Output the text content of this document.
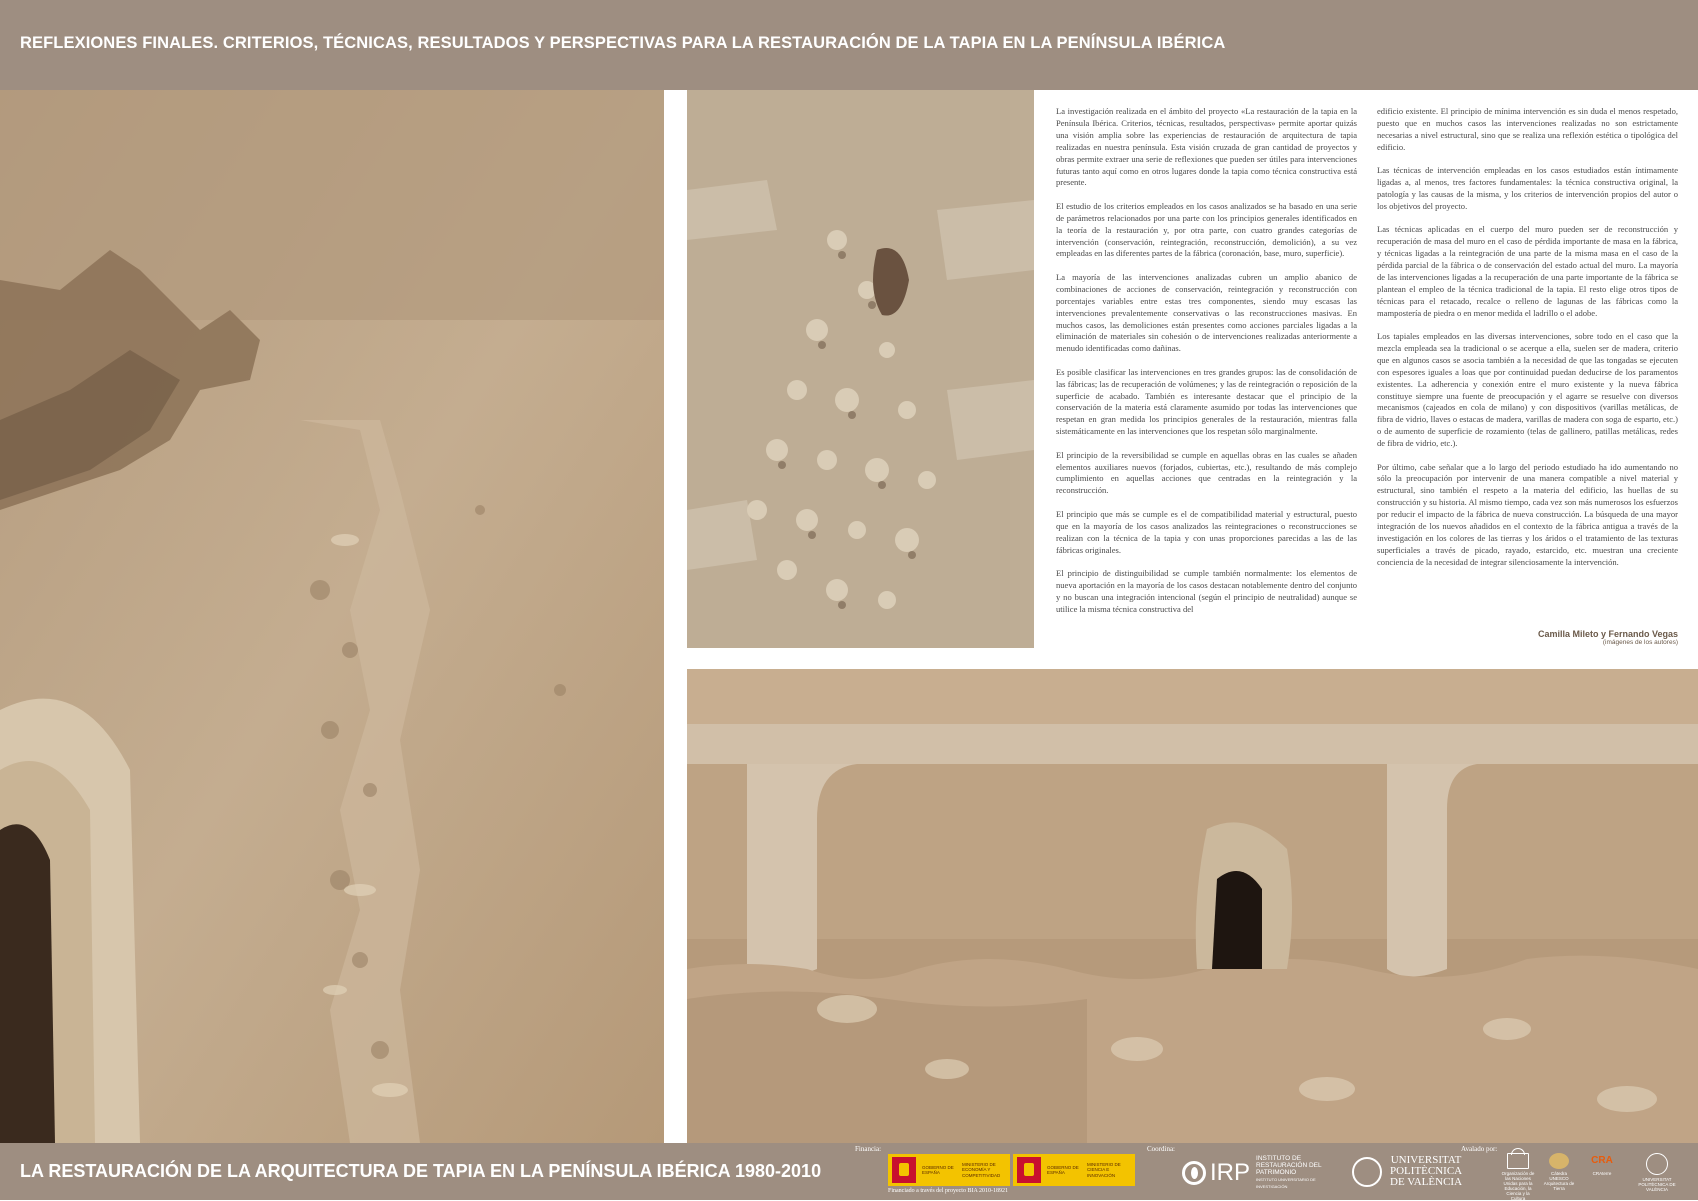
REFLEXIONES FINALES. CRITERIOS, TÉCNICAS, RESULTADOS Y PERSPECTIVAS PARA LA RESTAURACIÓN DE LA TAPIA EN LA PENÍNSULA IBÉRICA

La investigación realizada en el ámbito del proyecto «La restauración de la tapia en la Península Ibérica. Criterios, técnicas, resultados, perspectivas» permite aportar quizás una visión amplia sobre las experiencias de restauración de arquitectura de tapia realizadas en nuestra península. Esta visión cruzada de gran cantidad de proyectos y obras permite extraer una serie de reflexiones que pueden ser útiles para intervenciones futuras tanto aquí como en otros lugares donde la tapia como técnica constructiva está presente.

El estudio de los criterios empleados en los casos analizados se ha basado en una serie de parámetros relacionados por una parte con los principios generales identificados en la teoría de la restauración y, por otra parte, con cuatro grandes categorías de intervención (conservación, reintegración, reconstrucción, demolición), a su vez empleadas en las diferentes partes de la fábrica (coronación, base, muro, superficie).

La mayoría de las intervenciones analizadas cubren un amplio abanico de combinaciones de acciones de conservación, reintegración y reconstrucción con porcentajes variables entre estas tres componentes, siendo muy escasas las intervenciones prevalentemente conservativas o las reconstrucciones masivas. En muchos casos, las demoliciones están presentes como acciones parciales ligadas a la eliminación de materiales sin cohesión o de intervenciones realizadas anteriormente a menudo identificadas como dañinas.

Es posible clasificar las intervenciones en tres grandes grupos: las de consolidación de las fábricas; las de recuperación de volúmenes; y las de reintegración o reposición de la superficie de acabado. También es interesante destacar que el principio de la conservación de la materia está claramente asumido por todas las intervenciones que respetan en gran medida los principios generales de la restauración, mientras falla sistemáticamente en las intervenciones que los respetan sólo marginalmente.

El principio de la reversibilidad se cumple en aquellas obras en las cuales se añaden elementos auxiliares nuevos (forjados, cubiertas, etc.), resultando de más complejo cumplimiento en aquellas acciones que centradas en la reintegración y la reconstrucción.

El principio que más se cumple es el de compatibilidad material y estructural, puesto que en la mayoría de los casos analizados las reintegraciones o reconstrucciones se realizan con la técnica de la tapia y con unas proporciones parecidas a las de las fábricas originales.

El principio de distinguibilidad se cumple también normalmente: los elementos de nueva aportación en la mayoría de los casos destacan notablemente dentro del conjunto y no buscan una integración intencional (según el principio de neutralidad) aunque se utilice la misma técnica constructiva del

edificio existente. El principio de mínima intervención es sin duda el menos respetado, puesto que en muchos casos las intervenciones realizadas no son estrictamente necesarias a nivel estructural, sino que se realiza una reflexión estética o tipológica del edificio.

Las técnicas de intervención empleadas en los casos estudiados están íntimamente ligadas a, al menos, tres factores fundamentales: la técnica constructiva original, la patología y las causas de la misma, y los criterios de intervención propios del autor o los objetivos del proyecto.

Las técnicas aplicadas en el cuerpo del muro pueden ser de reconstrucción y recuperación de masa del muro en el caso de pérdida importante de masa en la fábrica, y técnicas ligadas a la reintegración de una parte de la misma masa en el caso de la pérdida parcial de la fábrica o de conservación del estado actual del muro. La mayoría de las intervenciones ligadas a la recuperación de una parte importante de la fábrica se plantean el empleo de la técnica tradicional de la tapia. El resto elige otros tipos de técnicas para el retacado, recalce o relleno de lagunas de las fábricas como la mampostería de piedra o en menor medida el ladrillo o el adobe.

Los tapiales empleados en las diversas intervenciones, sobre todo en el caso que la mezcla empleada sea la tradicional o se acerque a ella, suelen ser de madera, criterio que en algunos casos se asocia también a la necesidad de que las tongadas se ejecuten con espesores iguales a loas que por continuidad puedan deducirse de los paramentos existentes. La adherencia y conexión entre el muro existente y la nueva fábrica constituye siempre una fuente de preocupación y el agarre se resuelve con diversos mecanismos (cajeados en cola de milano) y con dispositivos (varillas metálicas, de fibra de vidrio, llaves o estacas de madera, varillas de madera con soga de esparto, etc.) o de aumento de superficie de rozamiento (telas de gallinero, patillas metálicas, redes de fibra de vidrio, etc.).

Por último, cabe señalar que a lo largo del periodo estudiado ha ido aumentando no sólo la preocupación por intervenir de una manera compatible a nivel material y estructural, sino también el respeto a la materia del edificio, las huellas de su construcción y su historia. Al mismo tiempo, cada vez son más numerosos los esfuerzos por reducir el impacto de la fábrica de nueva construcción. La búsqueda de una mayor integración de los nuevos añadidos en el contexto de la fábrica antigua a través de la investigación en los colores de las tierras y los áridos o el tratamiento de las texturas superficiales a través de picado, rayado, estarcido, etc. muestran una creciente conciencia de la necesidad de integrar silenciosamente la intervención.

Camilla Mileto y Fernando Vegas
(imágenes de los autores)
LA RESTAURACIÓN DE LA ARQUITECTURA DE TAPIA EN LA PENÍNSULA IBÉRICA 1980-2010
Financia:
GOBIERNO DE ESPAÑA
MINISTERIO DE ECONOMÍA Y COMPETITIVIDAD
GOBIERNO DE ESPAÑA
MINISTERIO DE CIENCIA E INNOVACIÓN
Financiado a través del proyecto BIA 2010-18921
Coordina:
IRP INSTITUTO DE RESTAURACIÓN DEL PATRIMONIO
INSTITUTO UNIVERSITARIO DE INVESTIGACIÓN
UNIVERSITAT
POLITÈCNICA
DE VALÈNCIA
Avalado por:
Organización de las Naciones Unidas para la Educación, la Ciencia y la Cultura
Cátedra UNESCO Arquitectura de Tierra
CRA
CRAterre
UNIVERSITAT POLITÈCNICA DE VALÈNCIA
